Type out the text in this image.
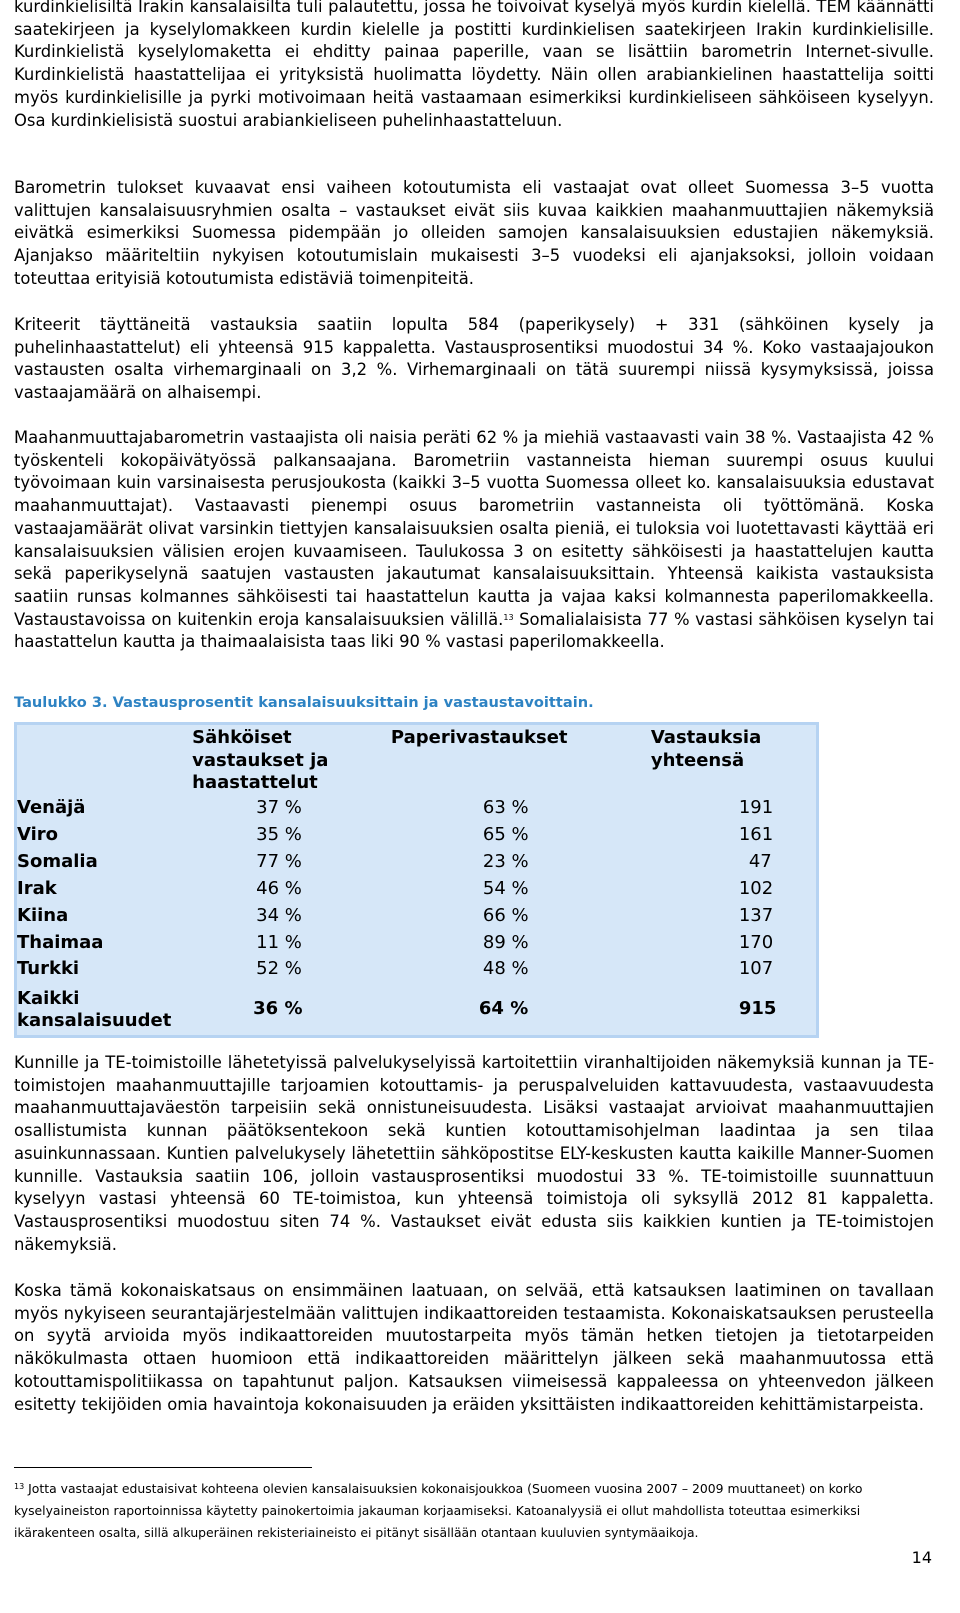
kurdinkielisiltä Irakin kansalaisilta tuli palautettu, jossa he toivoivat kyselyä myös kurdin kielellä. TEM käännätti saatekirjeen ja kyselylomakkeen kurdin kielelle ja postitti kurdinkielisen saatekirjeen Irakin kurdinkielisille. Kurdinkielistä kyselylomaketta ei ehditty painaa paperille, vaan se lisättiin barometrin Internet-sivulle. Kurdinkielistä haastattelijaa ei yrityksistä huolimatta löydetty. Näin ollen arabiankielinen haastattelija soitti myös kurdinkielisille ja pyrki motivoimaan heitä vastaamaan esimerkiksi kurdinkieliseen sähköiseen kyselyyn. Osa kurdinkielisistä suostui arabiankieliseen puhelinhaastatteluun.

Barometrin tulokset kuvaavat ensi vaiheen kotoutumista eli vastaajat ovat olleet Suomessa 3–5 vuotta valittujen kansalaisuusryhmien osalta – vastaukset eivät siis kuvaa kaikkien maahanmuuttajien näkemyksiä eivätkä esimerkiksi Suomessa pidempään jo olleiden samojen kansalaisuuksien edustajien näkemyksiä. Ajanjakso määriteltiin nykyisen kotoutumislain mukaisesti 3–5 vuodeksi eli ajanjaksoksi, jolloin voidaan toteuttaa erityisiä kotoutumista edistäviä toimenpiteitä.

Kriteerit täyttäneitä vastauksia saatiin lopulta 584 (paperikysely) + 331 (sähköinen kysely ja puhelinhaastattelut) eli yhteensä 915 kappaletta. Vastausprosentiksi muodostui 34 %. Koko vastaajajoukon vastausten osalta virhemarginaali on 3,2 %. Virhemarginaali on tätä suurempi niissä kysymyksissä, joissa vastaajamäärä on alhaisempi.

Maahanmuuttajabarometrin vastaajista oli naisia peräti 62 % ja miehiä vastaavasti vain 38 %. Vastaajista 42 % työskenteli kokopäivätyössä palkansaajana. Barometriin vastanneista hieman suurempi osuus kuului työvoimaan kuin varsinaisesta perusjoukosta (kaikki 3–5 vuotta Suomessa olleet ko. kansalaisuuksia edustavat maahanmuuttajat). Vastaavasti pienempi osuus barometriin vastanneista oli työttömänä. Koska vastaajamäärät olivat varsinkin tiettyjen kansalaisuuksien osalta pieniä, ei tuloksia voi luotettavasti käyttää eri kansalaisuuksien välisien erojen kuvaamiseen. Taulukossa 3 on esitetty sähköisesti ja haastattelujen kautta sekä paperikyselynä saatujen vastausten jakautumat kansalaisuuksittain. Yhteensä kaikista vastauksista saatiin runsas kolmannes sähköisesti tai haastattelun kautta ja vajaa kaksi kolmannesta paperilomakkeella. Vastaustavoissa on kuitenkin eroja kansalaisuuksien välillä.$^{13}$ Somalialaisista 77 % vastasi sähköisen kyselyn tai haastattelun kautta ja thaimaalaisista taas liki 90 % vastasi paperilomakkeella.

Taulukko 3. Vastausprosentit kansalaisuuksittain ja vastaustavoittain.

	Sähköiset vastaukset ja haastattelut	Paperivastaukset	Vastauksia yhteensä
Venäjä	37 %	63 %	191
Viro	35 %	65 %	161
Somalia	77 %	23 %	47
Irak	46 %	54 %	102
Kiina	34 %	66 %	137
Thaimaa	11 %	89 %	170
Turkki	52 %	48 %	107
Kaikki kansalaisuudet	36 %	64 %	915

Kunnille ja TE-toimistoille lähetetyissä palvelukyselyissä kartoitettiin viranhaltijoiden näkemyksiä kunnan ja TE-toimistojen maahanmuuttajille tarjoamien kotouttamis- ja peruspalveluiden kattavuudesta, vastaavuudesta maahanmuuttajaväestön tarpeisiin sekä onnistuneisuudesta. Lisäksi vastaajat arvioivat maahanmuuttajien osallistumista kunnan päätöksentekoon sekä kuntien kotouttamisohjelman laadintaa ja sen tilaa asuinkunnassaan. Kuntien palvelukysely lähetettiin sähköpostitse ELY-keskusten kautta kaikille Manner-Suomen kunnille. Vastauksia saatiin 106, jolloin vastausprosentiksi muodostui 33 %. TE-toimistoille suunnattuun kyselyyn vastasi yhteensä 60 TE-toimistoa, kun yhteensä toimistoja oli syksyllä 2012 81 kappaletta. Vastausprosentiksi muodostuu siten 74 %. Vastaukset eivät edusta siis kaikkien kuntien ja TE-toimistojen näkemyksiä.

Koska tämä kokonaiskatsaus on ensimmäinen laatuaan, on selvää, että katsauksen laatiminen on tavallaan myös nykyiseen seurantajärjestelmään valittujen indikaattoreiden testaamista. Kokonaiskatsauksen perusteella on syytä arvioida myös indikaattoreiden muutostarpeita myös tämän hetken tietojen ja tietotarpeiden näkökulmasta ottaen huomioon että indikaattoreiden määrittelyn jälkeen sekä maahanmuutossa että kotouttamispolitiikassa on tapahtunut paljon. Katsauksen viimeisessä kappaleessa on yhteenvedon jälkeen esitetty tekijöiden omia havaintoja kokonaisuuden ja eräiden yksittäisten indikaattoreiden kehittämistarpeista.

$^{13}$ Jotta vastaajat edustaisivat kohteena olevien kansalaisuuksien kokonaisjoukkoa (Suomeen vuosina 2007 – 2009 muuttaneet) on korko kyselyaineiston raportoinnissa käytetty painokertoimia jakauman korjaamiseksi. Katoanalyysiä ei ollut mahdollista toteuttaa esimerkiksi ikärakenteen osalta, sillä alkuperäinen rekisteriaineisto ei pitänyt sisällään otantaan kuuluvien syntymäaikoja.

14
